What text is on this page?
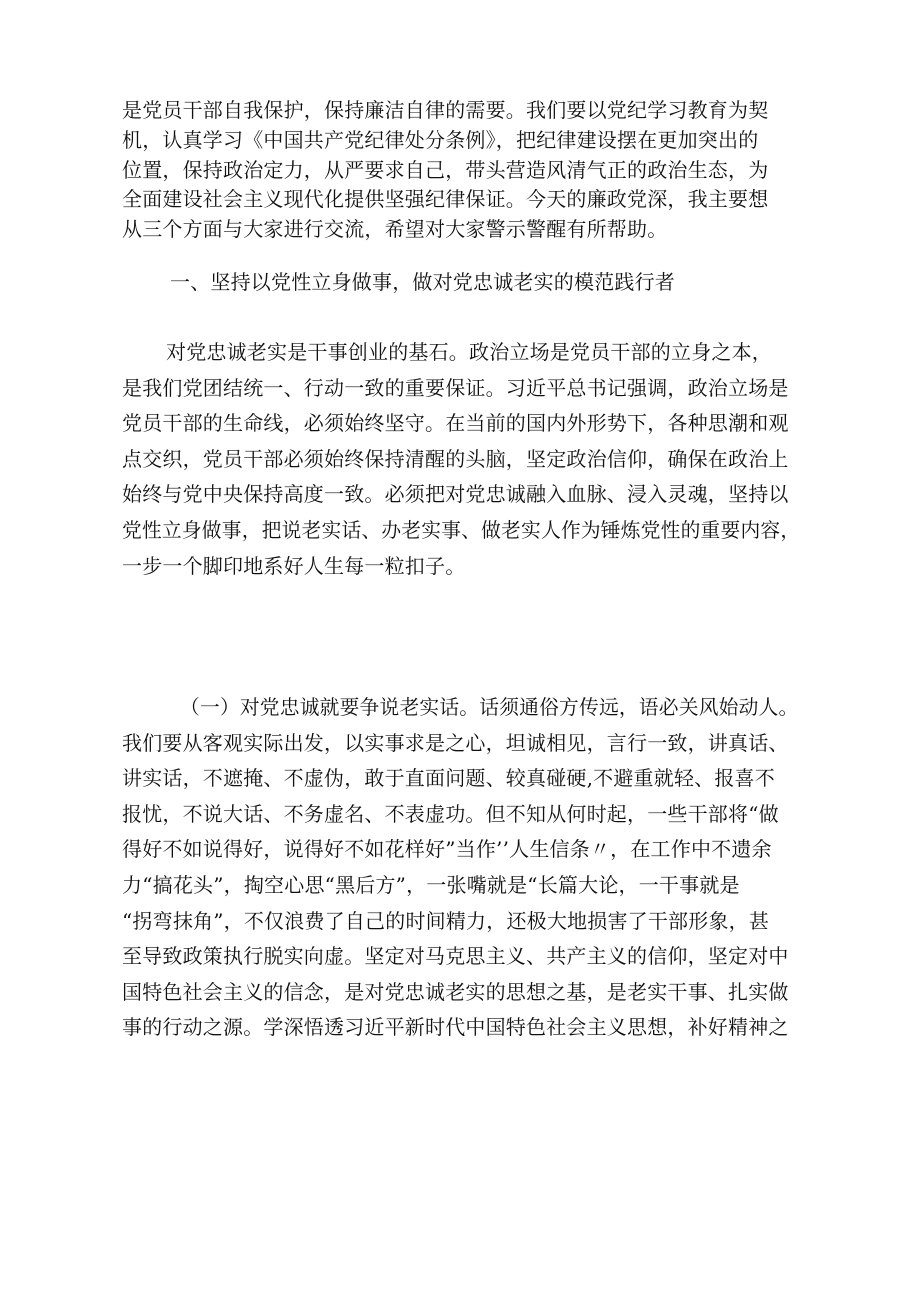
是党员干部自我保护，保持廉洁自律的需要。我们要以党纪学习教育为契
机，认真学习《中国共产党纪律处分条例》，把纪律建设摆在更加突出的
位置，保持政治定力，从严要求自己，带头营造风清气正的政治生态，为
全面建设社会主义现代化提供坚强纪律保证。今天的廉政党深，我主要想
从三个方面与大家进行交流，希望对大家警示警醒有所帮助。
一、坚持以党性立身做事，做对党忠诚老实的模范践行者
对党忠诚老实是干事创业的基石。政治立场是党员干部的立身之本，
是我们党团结统一、行动一致的重要保证。习近平总书记强调，政治立场是
党员干部的生命线，必须始终坚守。在当前的国内外形势下，各种思潮和观
点交织，党员干部必须始终保持清醒的头脑，坚定政治信仰，确保在政治上
始终与党中央保持高度一致。必须把对党忠诚融入血脉、浸入灵魂，坚持以
党性立身做事，把说老实话、办老实事、做老实人作为锤炼党性的重要内容，
一步一个脚印地系好人生每一粒扣子。
（一）对党忠诚就要争说老实话。话须通俗方传远，语必关风始动人。
我们要从客观实际出发，以实事求是之心，坦诚相见，言行一致，讲真话、
讲实话，不遮掩、不虚伪，敢于直面问题、较真碰硬,不避重就轻、报喜不
报忧，不说大话、不务虚名、不表虚功。但不知从何时起，一些干部将“做
得好不如说得好，说得好不如花样好”当作’’人生信条〃，在工作中不遗余
力“搞花头”，掏空心思“黑后方”，一张嘴就是“长篇大论，一干事就是
“拐弯抹角”，不仅浪费了自己的时间精力，还极大地损害了干部形象，甚
至导致政策执行脱实向虚。坚定对马克思主义、共产主义的信仰，坚定对中
国特色社会主义的信念，是对党忠诚老实的思想之基，是老实干事、扎实做
事的行动之源。学深悟透习近平新时代中国特色社会主义思想，补好精神之
